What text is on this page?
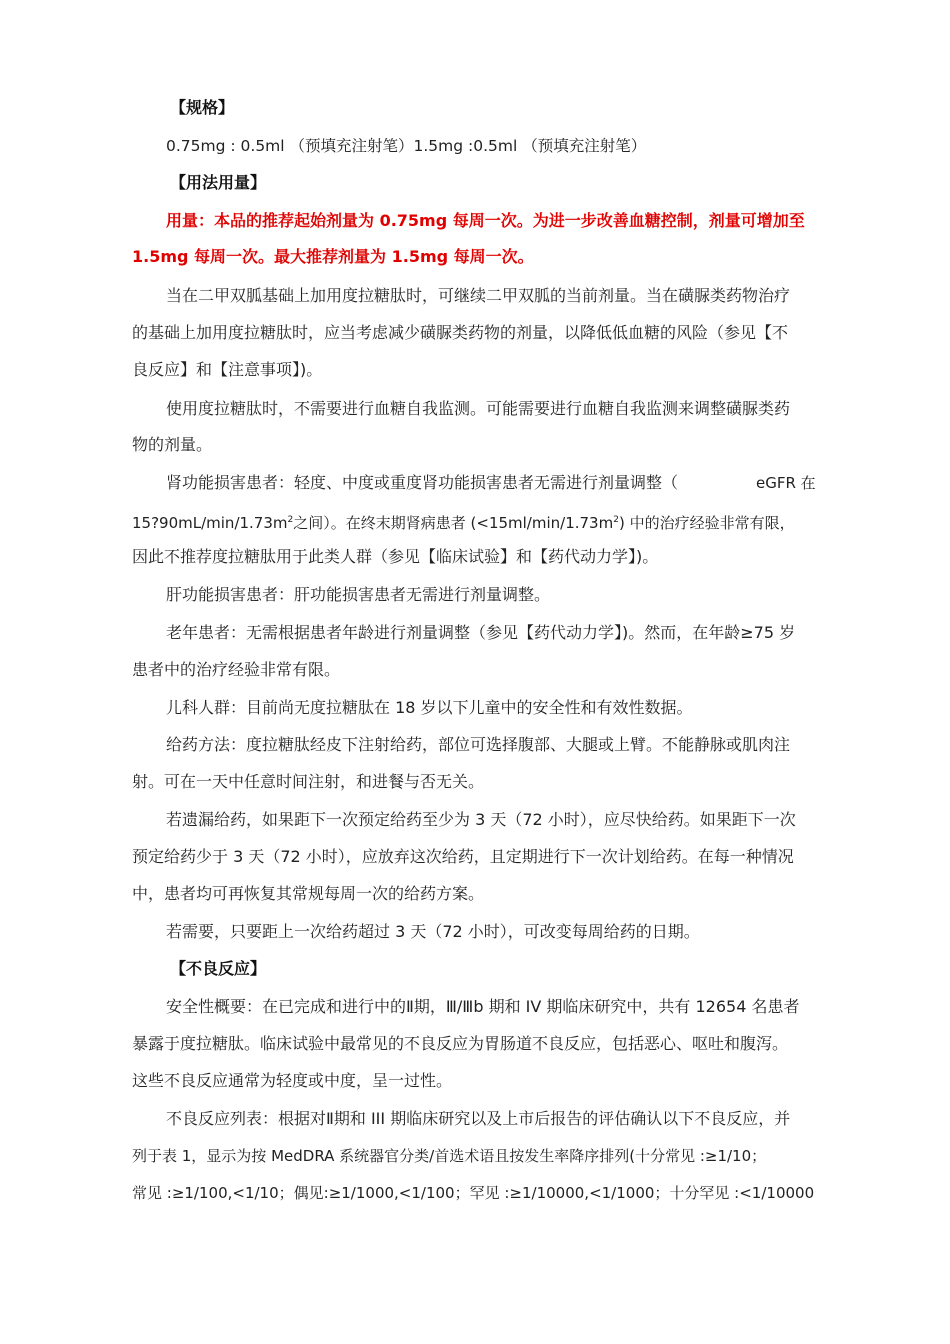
【规格】
0.75mg : 0.5ml （预填充注射笔）1.5mg :0.5ml （预填充注射笔）
【用法用量】
用量：本品的推荐起始剂量为 0.75mg 每周一次。为进一步改善血糖控制，剂量可增加至
1.5mg 每周一次。最大推荐剂量为 1.5mg 每周一次。
当在二甲双胍基础上加用度拉糖肽时，可继续二甲双胍的当前剂量。当在磺脲类药物治疗
的基础上加用度拉糖肽时，应当考虑减少磺脲类药物的剂量，以降低低血糖的风险（参见【不
良反应】和【注意事项】)。
使用度拉糖肽时，不需要进行血糖自我监测。可能需要进行血糖自我监测来调整磺脲类药
物的剂量。
肾功能损害患者：轻度、中度或重度肾功能损害患者无需进行剂量调整（	eGFR 在
$15?90mL/\min/1.73m^2$之间）。在终末期肾病患者 $(<15ml/\min/1.73m^2)$ 中的治疗经验非常有限，
因此不推荐度拉糖肽用于此类人群（参见【临床试验】和【药代动力学】)。
肝功能损害患者：肝功能损害患者无需进行剂量调整。
老年患者：无需根据患者年龄进行剂量调整（参见【药代动力学】)。然而，在年龄≥75 岁
患者中的治疗经验非常有限。
儿科人群：目前尚无度拉糖肽在 18 岁以下儿童中的安全性和有效性数据。
给药方法：度拉糖肽经皮下注射给药，部位可选择腹部、大腿或上臂。不能静脉或肌肉注
射。可在一天中任意时间注射，和进餐与否无关。
若遗漏给药，如果距下一次预定给药至少为 3 天（72 小时），应尽快给药。如果距下一次
预定给药少于 3 天（72 小时），应放弃这次给药，且定期进行下一次计划给药。在每一种情况
中，患者均可再恢复其常规每周一次的给药方案。
若需要，只要距上一次给药超过 3 天（72 小时），可改变每周给药的日期。
【不良反应】
安全性概要：在已完成和进行中的Ⅱ期，Ⅲ/Ⅲb 期和 IV 期临床研究中，共有 12654 名患者
暴露于度拉糖肽。临床试验中最常见的不良反应为胃肠道不良反应，包括恶心、呕吐和腹泻。
这些不良反应通常为轻度或中度，呈一过性。
不良反应列表：根据对Ⅱ期和 III 期临床研究以及上市后报告的评估确认以下不良反应，并
列于表 1，显示为按 MedDRA 系统器官分类/首选术语且按发生率降序排列(十分常见 :≥1/10；
常见 :≥1/100,<1/10；偶见:≥1/1000,<1/100；罕见 :≥1/10000,<1/1000；十分罕见 :<1/10000
